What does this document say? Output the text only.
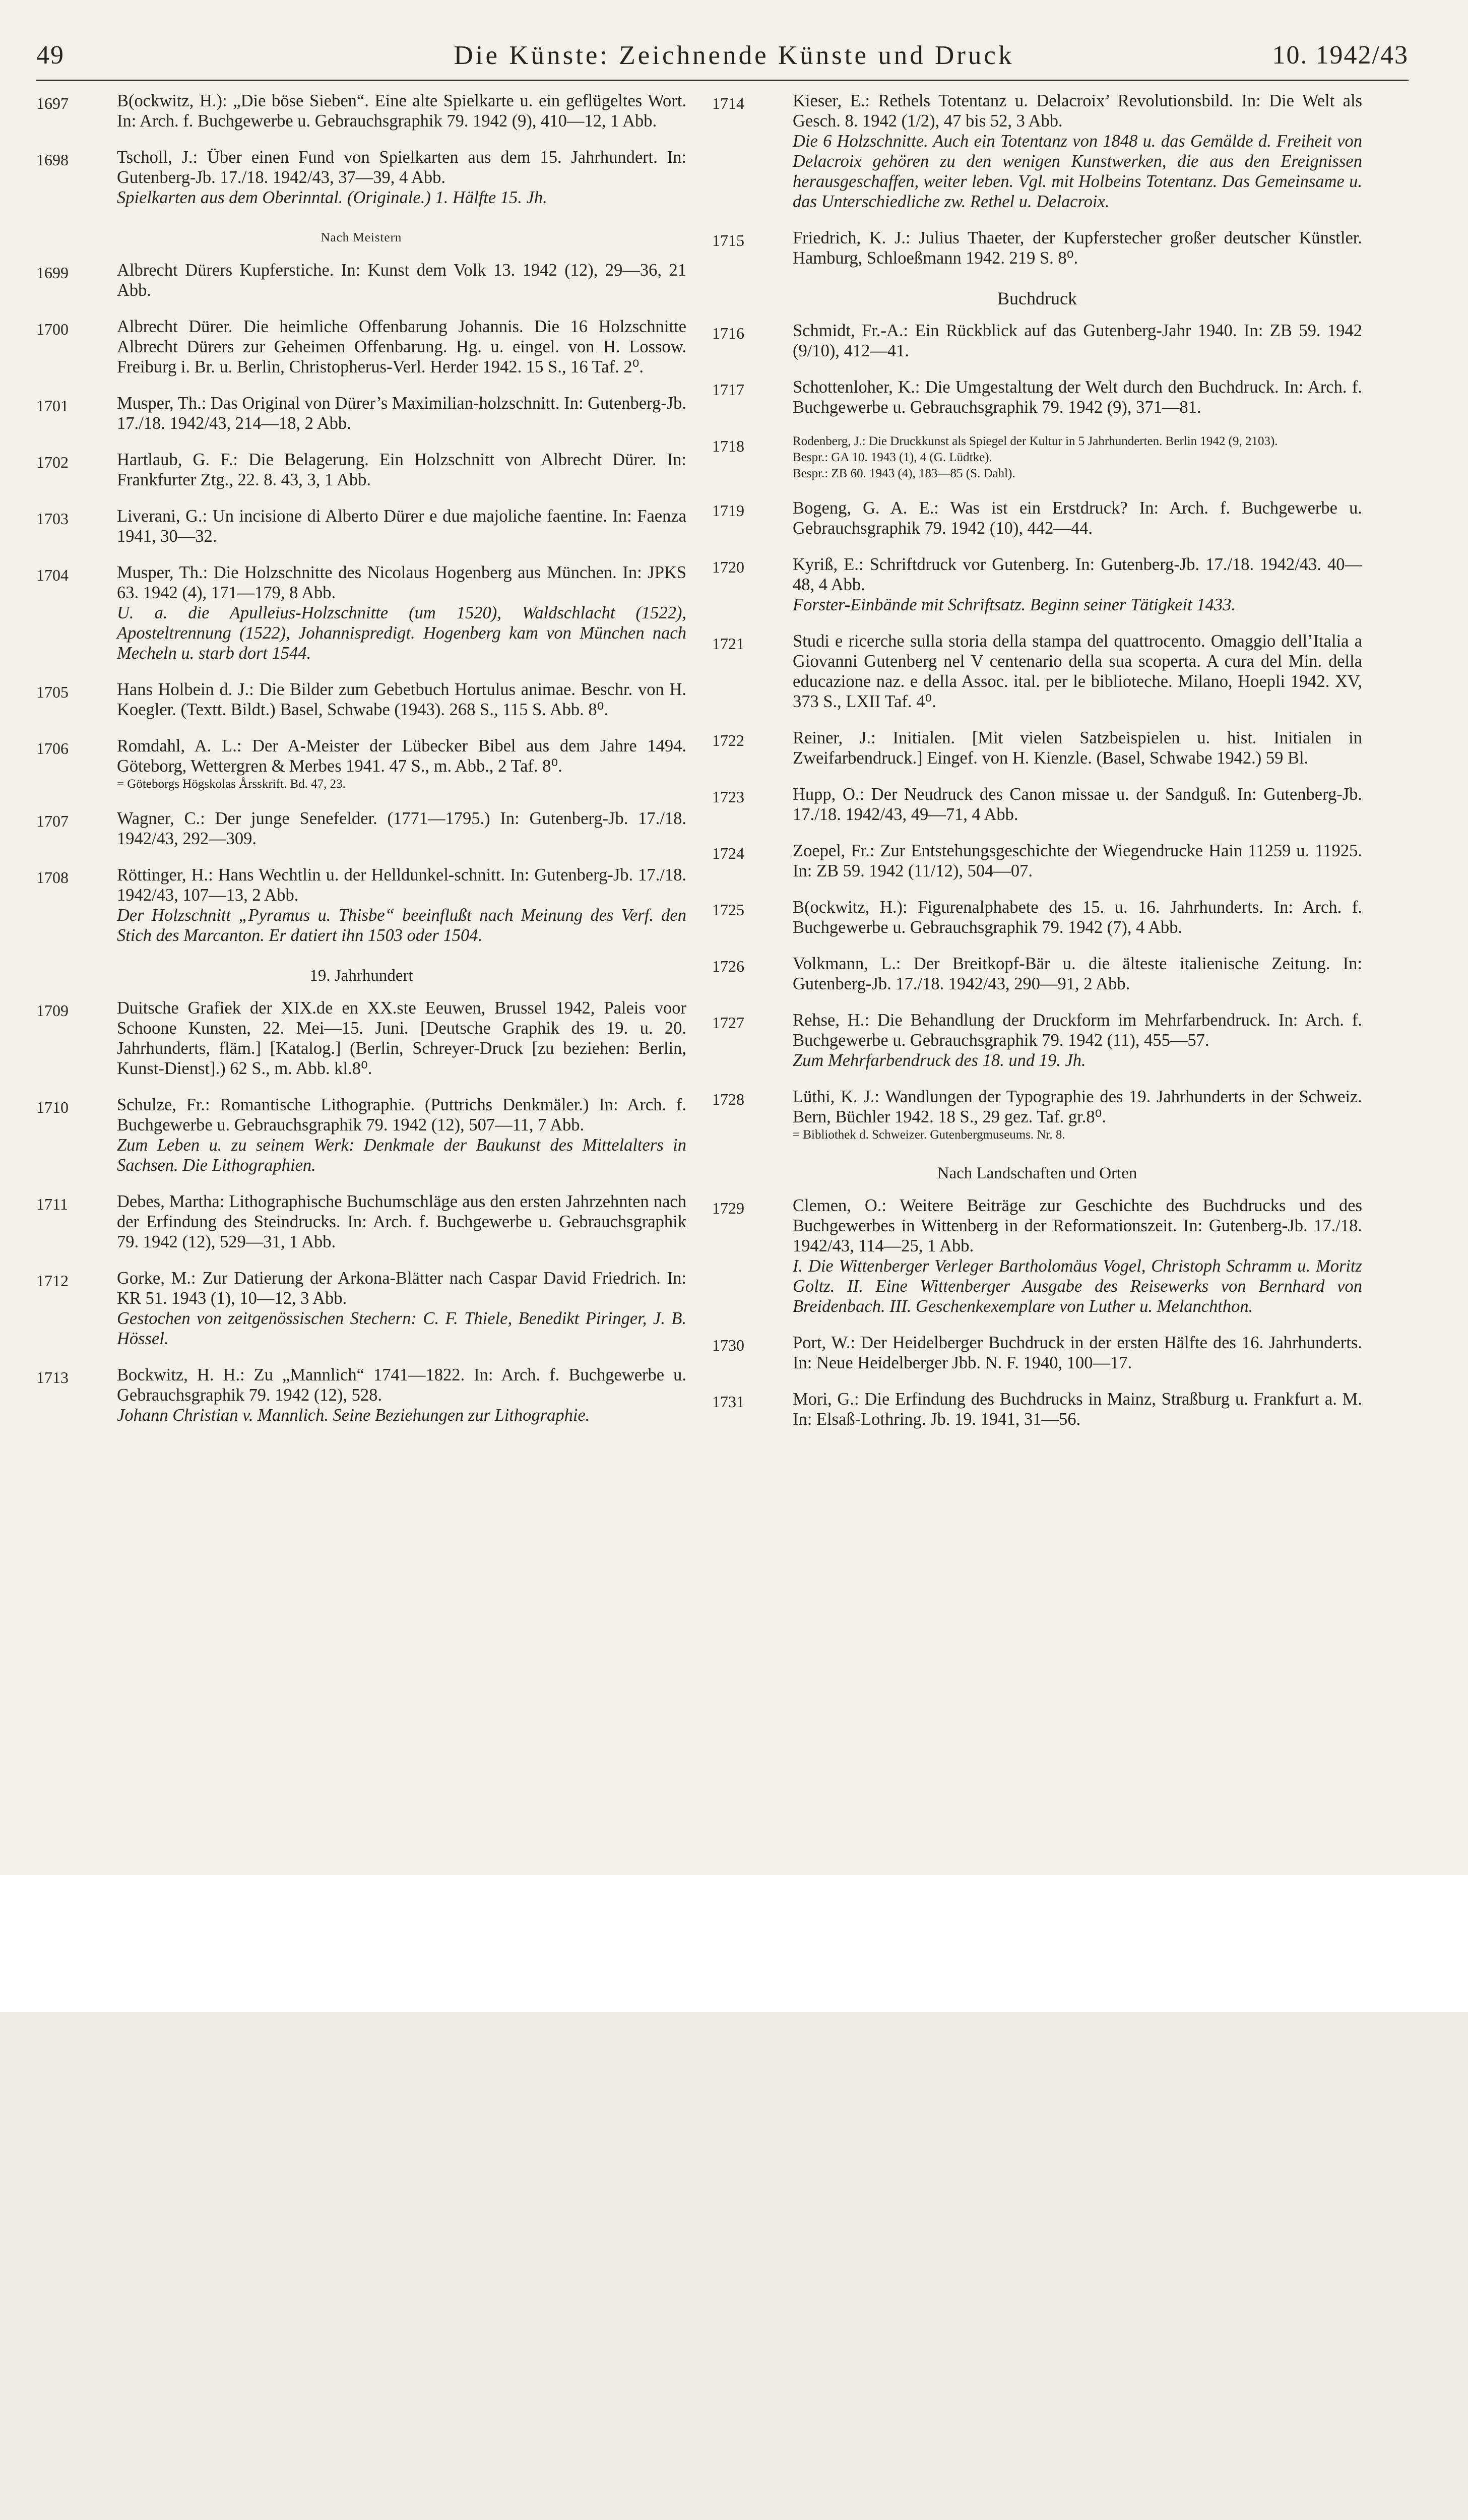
49	Die Künste: Zeichnende Künste und Druck	10. 1942/43
1697	B(ockwitz, H.): „Die böse Sieben“. Eine alte Spielkarte u. ein geflügeltes Wort. In: Arch. f. Buchgewerbe u. Gebrauchsgraphik 79. 1942 (9), 410—12, 1 Abb.
1698	Tscholl, J.: Über einen Fund von Spielkarten aus dem 15. Jahrhundert. In: Gutenberg-Jb. 17./18. 1942/43, 37—39, 4 Abb.
Spielkarten aus dem Oberinntal. (Originale.) 1. Hälfte 15. Jh.
Nach Meistern
1699	Albrecht Dürers Kupferstiche. In: Kunst dem Volk 13. 1942 (12), 29—36, 21 Abb.
1700	Albrecht Dürer. Die heimliche Offenbarung Johannis. Die 16 Holzschnitte Albrecht Dürers zur Geheimen Offenbarung. Hg. u. eingel. von H. Lossow. Freiburg i. Br. u. Berlin, Christopherus-Verl. Herder 1942. 15 S., 16 Taf. 2⁰.
1701	Musper, Th.: Das Original von Dürer’s Maximilian-holzschnitt. In: Gutenberg-Jb. 17./18. 1942/43, 214—18, 2 Abb.
1702	Hartlaub, G. F.: Die Belagerung. Ein Holzschnitt von Albrecht Dürer. In: Frankfurter Ztg., 22. 8. 43, 3, 1 Abb.
1703	Liverani, G.: Un incisione di Alberto Dürer e due majoliche faentine. In: Faenza 1941, 30—32.
1704	Musper, Th.: Die Holzschnitte des Nicolaus Hogenberg aus München. In: JPKS 63. 1942 (4), 171—179, 8 Abb.
U. a. die Apulleius-Holzschnitte (um 1520), Waldschlacht (1522), Aposteltrennung (1522), Johannispredigt. Hogenberg kam von München nach Mecheln u. starb dort 1544.
1705	Hans Holbein d. J.: Die Bilder zum Gebetbuch Hortulus animae. Beschr. von H. Koegler. (Textt. Bildt.) Basel, Schwabe (1943). 268 S., 115 S. Abb. 8⁰.
1706	Romdahl, A. L.: Der A-Meister der Lübecker Bibel aus dem Jahre 1494. Göteborg, Wettergren & Merbes 1941. 47 S., m. Abb., 2 Taf. 8⁰.
= Göteborgs Högskolas Årsskrift. Bd. 47, 23.
1707	Wagner, C.: Der junge Senefelder. (1771—1795.) In: Gutenberg-Jb. 17./18. 1942/43, 292—309.
1708	Röttinger, H.: Hans Wechtlin u. der Helldunkel-schnitt. In: Gutenberg-Jb. 17./18. 1942/43, 107—13, 2 Abb.
Der Holzschnitt „Pyramus u. Thisbe“ beeinflußt nach Meinung des Verf. den Stich des Marcanton. Er datiert ihn 1503 oder 1504.
19. Jahrhundert
1709	Duitsche Grafiek der XIX.de en XX.ste Eeuwen, Brussel 1942, Paleis voor Schoone Kunsten, 22. Mei—15. Juni. [Deutsche Graphik des 19. u. 20. Jahrhunderts, fläm.] [Katalog.] (Berlin, Schreyer-Druck [zu beziehen: Berlin, Kunst-Dienst].) 62 S., m. Abb. kl.8⁰.
1710	Schulze, Fr.: Romantische Lithographie. (Puttrichs Denkmäler.) In: Arch. f. Buchgewerbe u. Gebrauchsgraphik 79. 1942 (12), 507—11, 7 Abb.
Zum Leben u. zu seinem Werk: Denkmale der Baukunst des Mittelalters in Sachsen. Die Lithographien.
1711	Debes, Martha: Lithographische Buchumschläge aus den ersten Jahrzehnten nach der Erfindung des Steindrucks. In: Arch. f. Buchgewerbe u. Gebrauchsgraphik 79. 1942 (12), 529—31, 1 Abb.
1712	Gorke, M.: Zur Datierung der Arkona-Blätter nach Caspar David Friedrich. In: KR 51. 1943 (1), 10—12, 3 Abb.
Gestochen von zeitgenössischen Stechern: C. F. Thiele, Benedikt Piringer, J. B. Hössel.
1713	Bockwitz, H. H.: Zu „Mannlich“ 1741—1822. In: Arch. f. Buchgewerbe u. Gebrauchsgraphik 79. 1942 (12), 528.
Johann Christian v. Mannlich. Seine Beziehungen zur Lithographie.
1714	Kieser, E.: Rethels Totentanz u. Delacroix’ Revolutionsbild. In: Die Welt als Gesch. 8. 1942 (1/2), 47 bis 52, 3 Abb.
Die 6 Holzschnitte. Auch ein Totentanz von 1848 u. das Gemälde d. Freiheit von Delacroix gehören zu den wenigen Kunstwerken, die aus den Ereignissen herausgeschaffen, weiter leben. Vgl. mit Holbeins Totentanz. Das Gemeinsame u. das Unterschiedliche zw. Rethel u. Delacroix.
1715	Friedrich, K. J.: Julius Thaeter, der Kupferstecher großer deutscher Künstler. Hamburg, Schloeßmann 1942. 219 S. 8⁰.
Buchdruck
1716	Schmidt, Fr.-A.: Ein Rückblick auf das Gutenberg-Jahr 1940. In: ZB 59. 1942 (9/10), 412—41.
1717	Schottenloher, K.: Die Umgestaltung der Welt durch den Buchdruck. In: Arch. f. Buchgewerbe u. Gebrauchsgraphik 79. 1942 (9), 371—81.
1718	Rodenberg, J.: Die Druckkunst als Spiegel der Kultur in 5 Jahrhunderten. Berlin 1942 (9, 2103).
Bespr.: GA 10. 1943 (1), 4 (G. Lüdtke).
Bespr.: ZB 60. 1943 (4), 183—85 (S. Dahl).
1719	Bogeng, G. A. E.: Was ist ein Erstdruck? In: Arch. f. Buchgewerbe u. Gebrauchsgraphik 79. 1942 (10), 442—44.
1720	Kyriß, E.: Schriftdruck vor Gutenberg. In: Gutenberg-Jb. 17./18. 1942/43. 40—48, 4 Abb.
Forster-Einbände mit Schriftsatz. Beginn seiner Tätigkeit 1433.
1721	Studi e ricerche sulla storia della stampa del quattrocento. Omaggio dell’Italia a Giovanni Gutenberg nel V centenario della sua scoperta. A cura del Min. della educazione naz. e della Assoc. ital. per le biblioteche. Milano, Hoepli 1942. XV, 373 S., LXII Taf. 4⁰.
1722	Reiner, J.: Initialen. [Mit vielen Satzbeispielen u. hist. Initialen in Zweifarbendruck.] Eingef. von H. Kienzle. (Basel, Schwabe 1942.) 59 Bl.
1723	Hupp, O.: Der Neudruck des Canon missae u. der Sandguß. In: Gutenberg-Jb. 17./18. 1942/43, 49—71, 4 Abb.
1724	Zoepel, Fr.: Zur Entstehungsgeschichte der Wiegendrucke Hain 11259 u. 11925. In: ZB 59. 1942 (11/12), 504—07.
1725	B(ockwitz, H.): Figurenalphabete des 15. u. 16. Jahrhunderts. In: Arch. f. Buchgewerbe u. Gebrauchsgraphik 79. 1942 (7), 4 Abb.
1726	Volkmann, L.: Der Breitkopf-Bär u. die älteste italienische Zeitung. In: Gutenberg-Jb. 17./18. 1942/43, 290—91, 2 Abb.
1727	Rehse, H.: Die Behandlung der Druckform im Mehrfarbendruck. In: Arch. f. Buchgewerbe u. Gebrauchsgraphik 79. 1942 (11), 455—57.
Zum Mehrfarbendruck des 18. und 19. Jh.
1728	Lüthi, K. J.: Wandlungen der Typographie des 19. Jahrhunderts in der Schweiz. Bern, Büchler 1942. 18 S., 29 gez. Taf. gr.8⁰.
= Bibliothek d. Schweizer. Gutenbergmuseums. Nr. 8.
Nach Landschaften und Orten
1729	Clemen, O.: Weitere Beiträge zur Geschichte des Buchdrucks und des Buchgewerbes in Wittenberg in der Reformationszeit. In: Gutenberg-Jb. 17./18. 1942/43, 114—25, 1 Abb.
I. Die Wittenberger Verleger Bartholomäus Vogel, Christoph Schramm u. Moritz Goltz. II. Eine Wittenberger Ausgabe des Reisewerks von Bernhard von Breidenbach. III. Geschenkexemplare von Luther u. Melanchthon.
1730	Port, W.: Der Heidelberger Buchdruck in der ersten Hälfte des 16. Jahrhunderts. In: Neue Heidelberger Jbb. N. F. 1940, 100—17.
1731	Mori, G.: Die Erfindung des Buchdrucks in Mainz, Straßburg u. Frankfurt a. M. In: Elsaß-Lothring. Jb. 19. 1941, 31—56.
